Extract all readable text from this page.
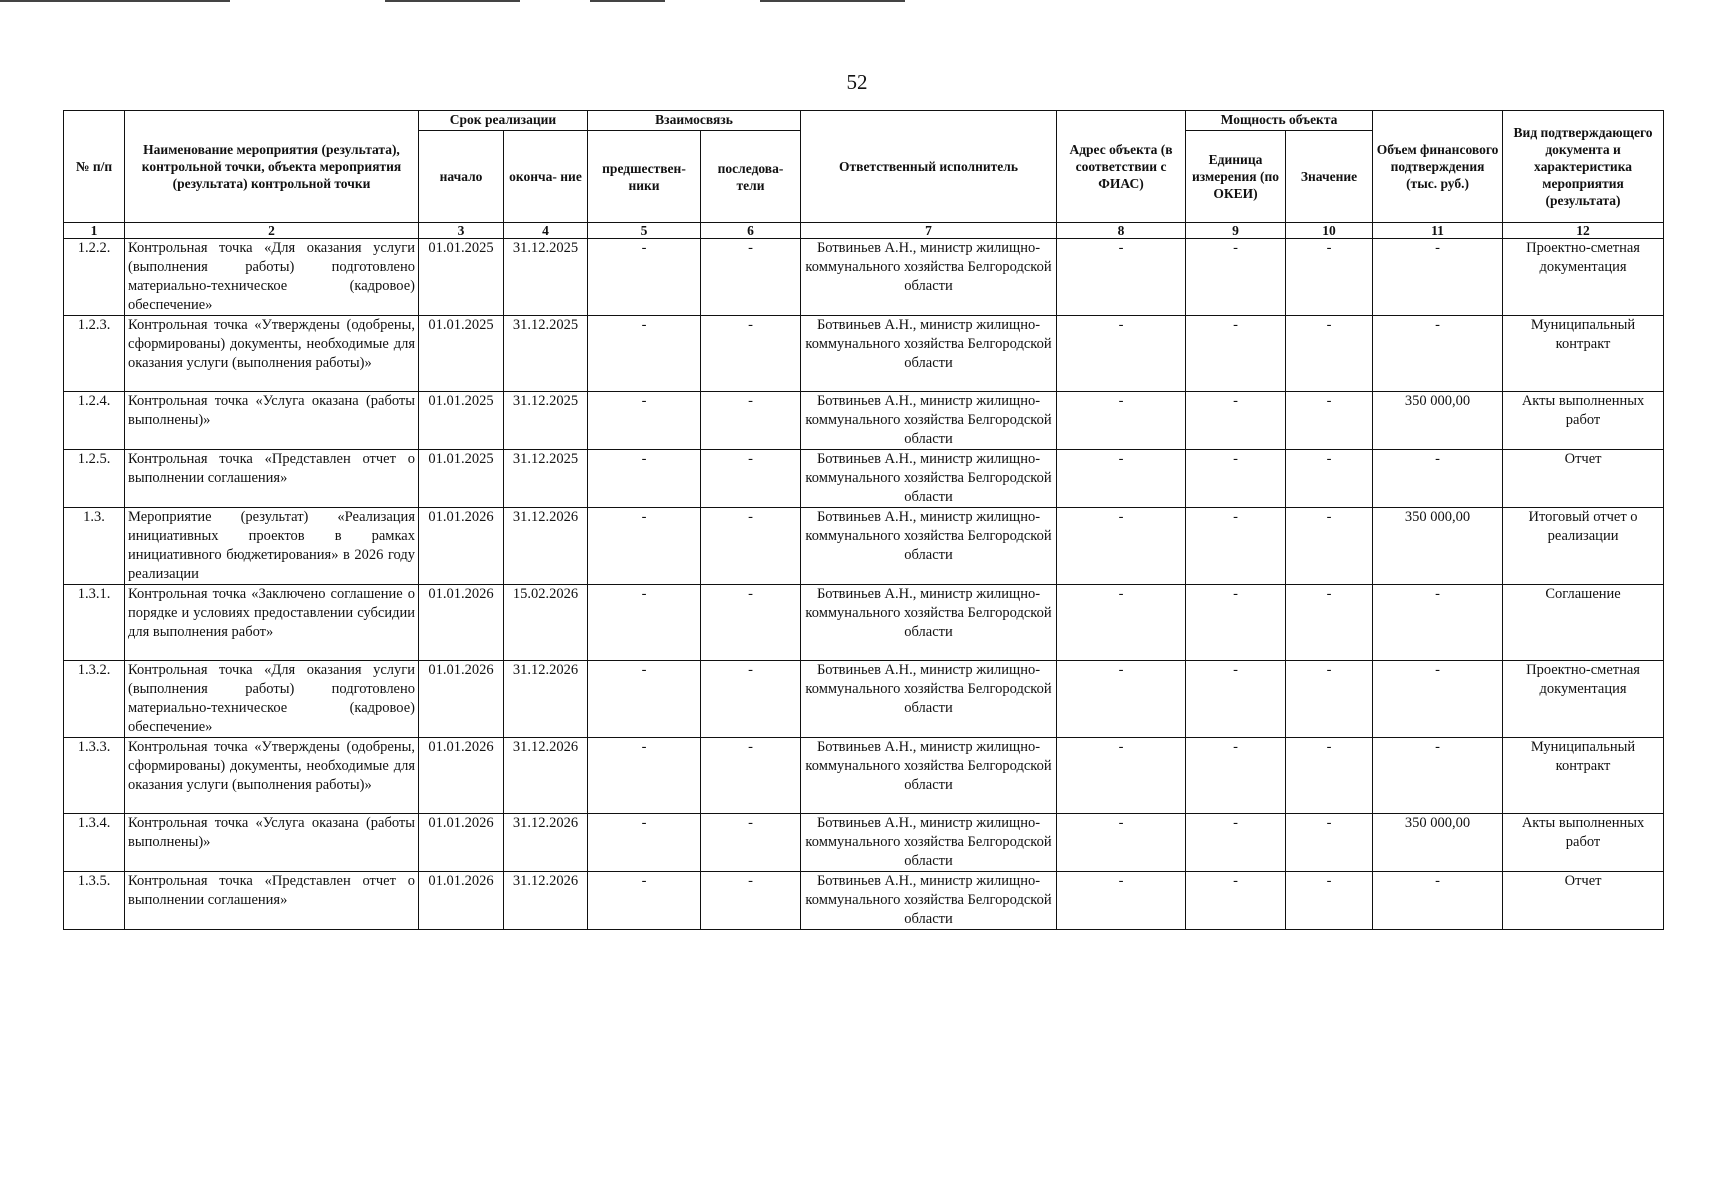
52
№ п/п	Наименование мероприятия (результата), контрольной точки, объекта мероприятия (результата) контрольной точки	Срок реализации		Взаимосвязь		Ответственный исполнитель	Адрес объекта (в соответствии с ФИАС)	Мощность объекта		Объем финансового подтверждения (тыс. руб.)	Вид подтверждающего документа и характеристика мероприятия (результата)
		начало	оконча- ние	предшествен- ники	последова- тели			Единица измерения (по ОКЕИ)	Значение		
1	2	3	4	5	6	7	8	9	10	11	12
1.2.2.	Контрольная точка «Для оказания услуги (выполнения работы) подготовлено материально-техническое (кадровое) обеспечение»	01.01.2025	31.12.2025	-	-	Ботвиньев А.Н., министр жилищно-коммунального хозяйства Белгородской области	-	-	-	-	Проектно-сметная документация
1.2.3.	Контрольная точка «Утверждены (одобрены, сформированы) документы, необходимые для оказания услуги (выполнения работы)»	01.01.2025	31.12.2025	-	-	Ботвиньев А.Н., министр жилищно-коммунального хозяйства Белгородской области	-	-	-	-	Муниципальный контракт
1.2.4.	Контрольная точка «Услуга оказана (работы выполнены)»	01.01.2025	31.12.2025	-	-	Ботвиньев А.Н., министр жилищно-коммунального хозяйства Белгородской области	-	-	-	350 000,00	Акты выполненных работ
1.2.5.	Контрольная точка «Представлен отчет о выполнении соглашения»	01.01.2025	31.12.2025	-	-	Ботвиньев А.Н., министр жилищно-коммунального хозяйства Белгородской области	-	-	-	-	Отчет
1.3.	Мероприятие (результат) «Реализация инициативных проектов в рамках инициативного бюджетирования» в 2026 году реализации	01.01.2026	31.12.2026	-	-	Ботвиньев А.Н., министр жилищно-коммунального хозяйства Белгородской области	-	-	-	350 000,00	Итоговый отчет о реализации
1.3.1.	Контрольная точка «Заключено соглашение о порядке и условиях предоставлении субсидии для выполнения работ»	01.01.2026	15.02.2026	-	-	Ботвиньев А.Н., министр жилищно-коммунального хозяйства Белгородской области	-	-	-	-	Соглашение
1.3.2.	Контрольная точка «Для оказания услуги (выполнения работы) подготовлено материально-техническое (кадровое) обеспечение»	01.01.2026	31.12.2026	-	-	Ботвиньев А.Н., министр жилищно-коммунального хозяйства Белгородской области	-	-	-	-	Проектно-сметная документация
1.3.3.	Контрольная точка «Утверждены (одобрены, сформированы) документы, необходимые для оказания услуги (выполнения работы)»	01.01.2026	31.12.2026	-	-	Ботвиньев А.Н., министр жилищно-коммунального хозяйства Белгородской области	-	-	-	-	Муниципальный контракт
1.3.4.	Контрольная точка «Услуга оказана (работы выполнены)»	01.01.2026	31.12.2026	-	-	Ботвиньев А.Н., министр жилищно-коммунального хозяйства Белгородской области	-	-	-	350 000,00	Акты выполненных работ
1.3.5.	Контрольная точка «Представлен отчет о выполнении соглашения»	01.01.2026	31.12.2026	-	-	Ботвиньев А.Н., министр жилищно-коммунального хозяйства Белгородской области	-	-	-	-	Отчет
